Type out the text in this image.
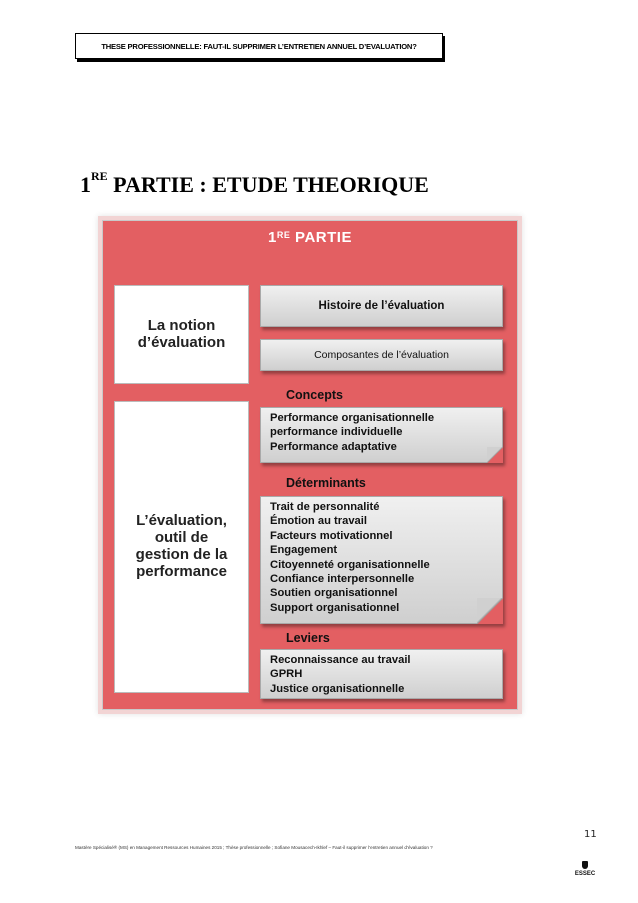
THESE PROFESSIONNELLE: FAUT-IL SUPPRIMER L’ENTRETIEN ANNUEL D’EVALUATION?
1RE PARTIE : ETUDE THEORIQUE
1RE PARTIE
La notion
d’évaluation
L’évaluation,
outil de
gestion de la
performance
Histoire de l’évaluation
Composantes de l’évaluation
Concepts
Performance organisationnelle
performance individuelle
Performance adaptative
Déterminants
Trait de personnalité
Émotion au travail
Facteurs motivationnel
Engagement
Citoyenneté organisationnelle
Confiance interpersonnelle
Soutien organisationnel
Support organisationnel
Leviers
Reconnaissance au travail
GPRH
Justice organisationnelle
11
Mastère Spécialisé® (MS) en Management Ressources Humaines 2015 ; Thèse professionnelle ; Sofiane Mousacech-Ikhlef – Faut-il supprimer l’entretien annuel d’évaluation ?
ESSEC
